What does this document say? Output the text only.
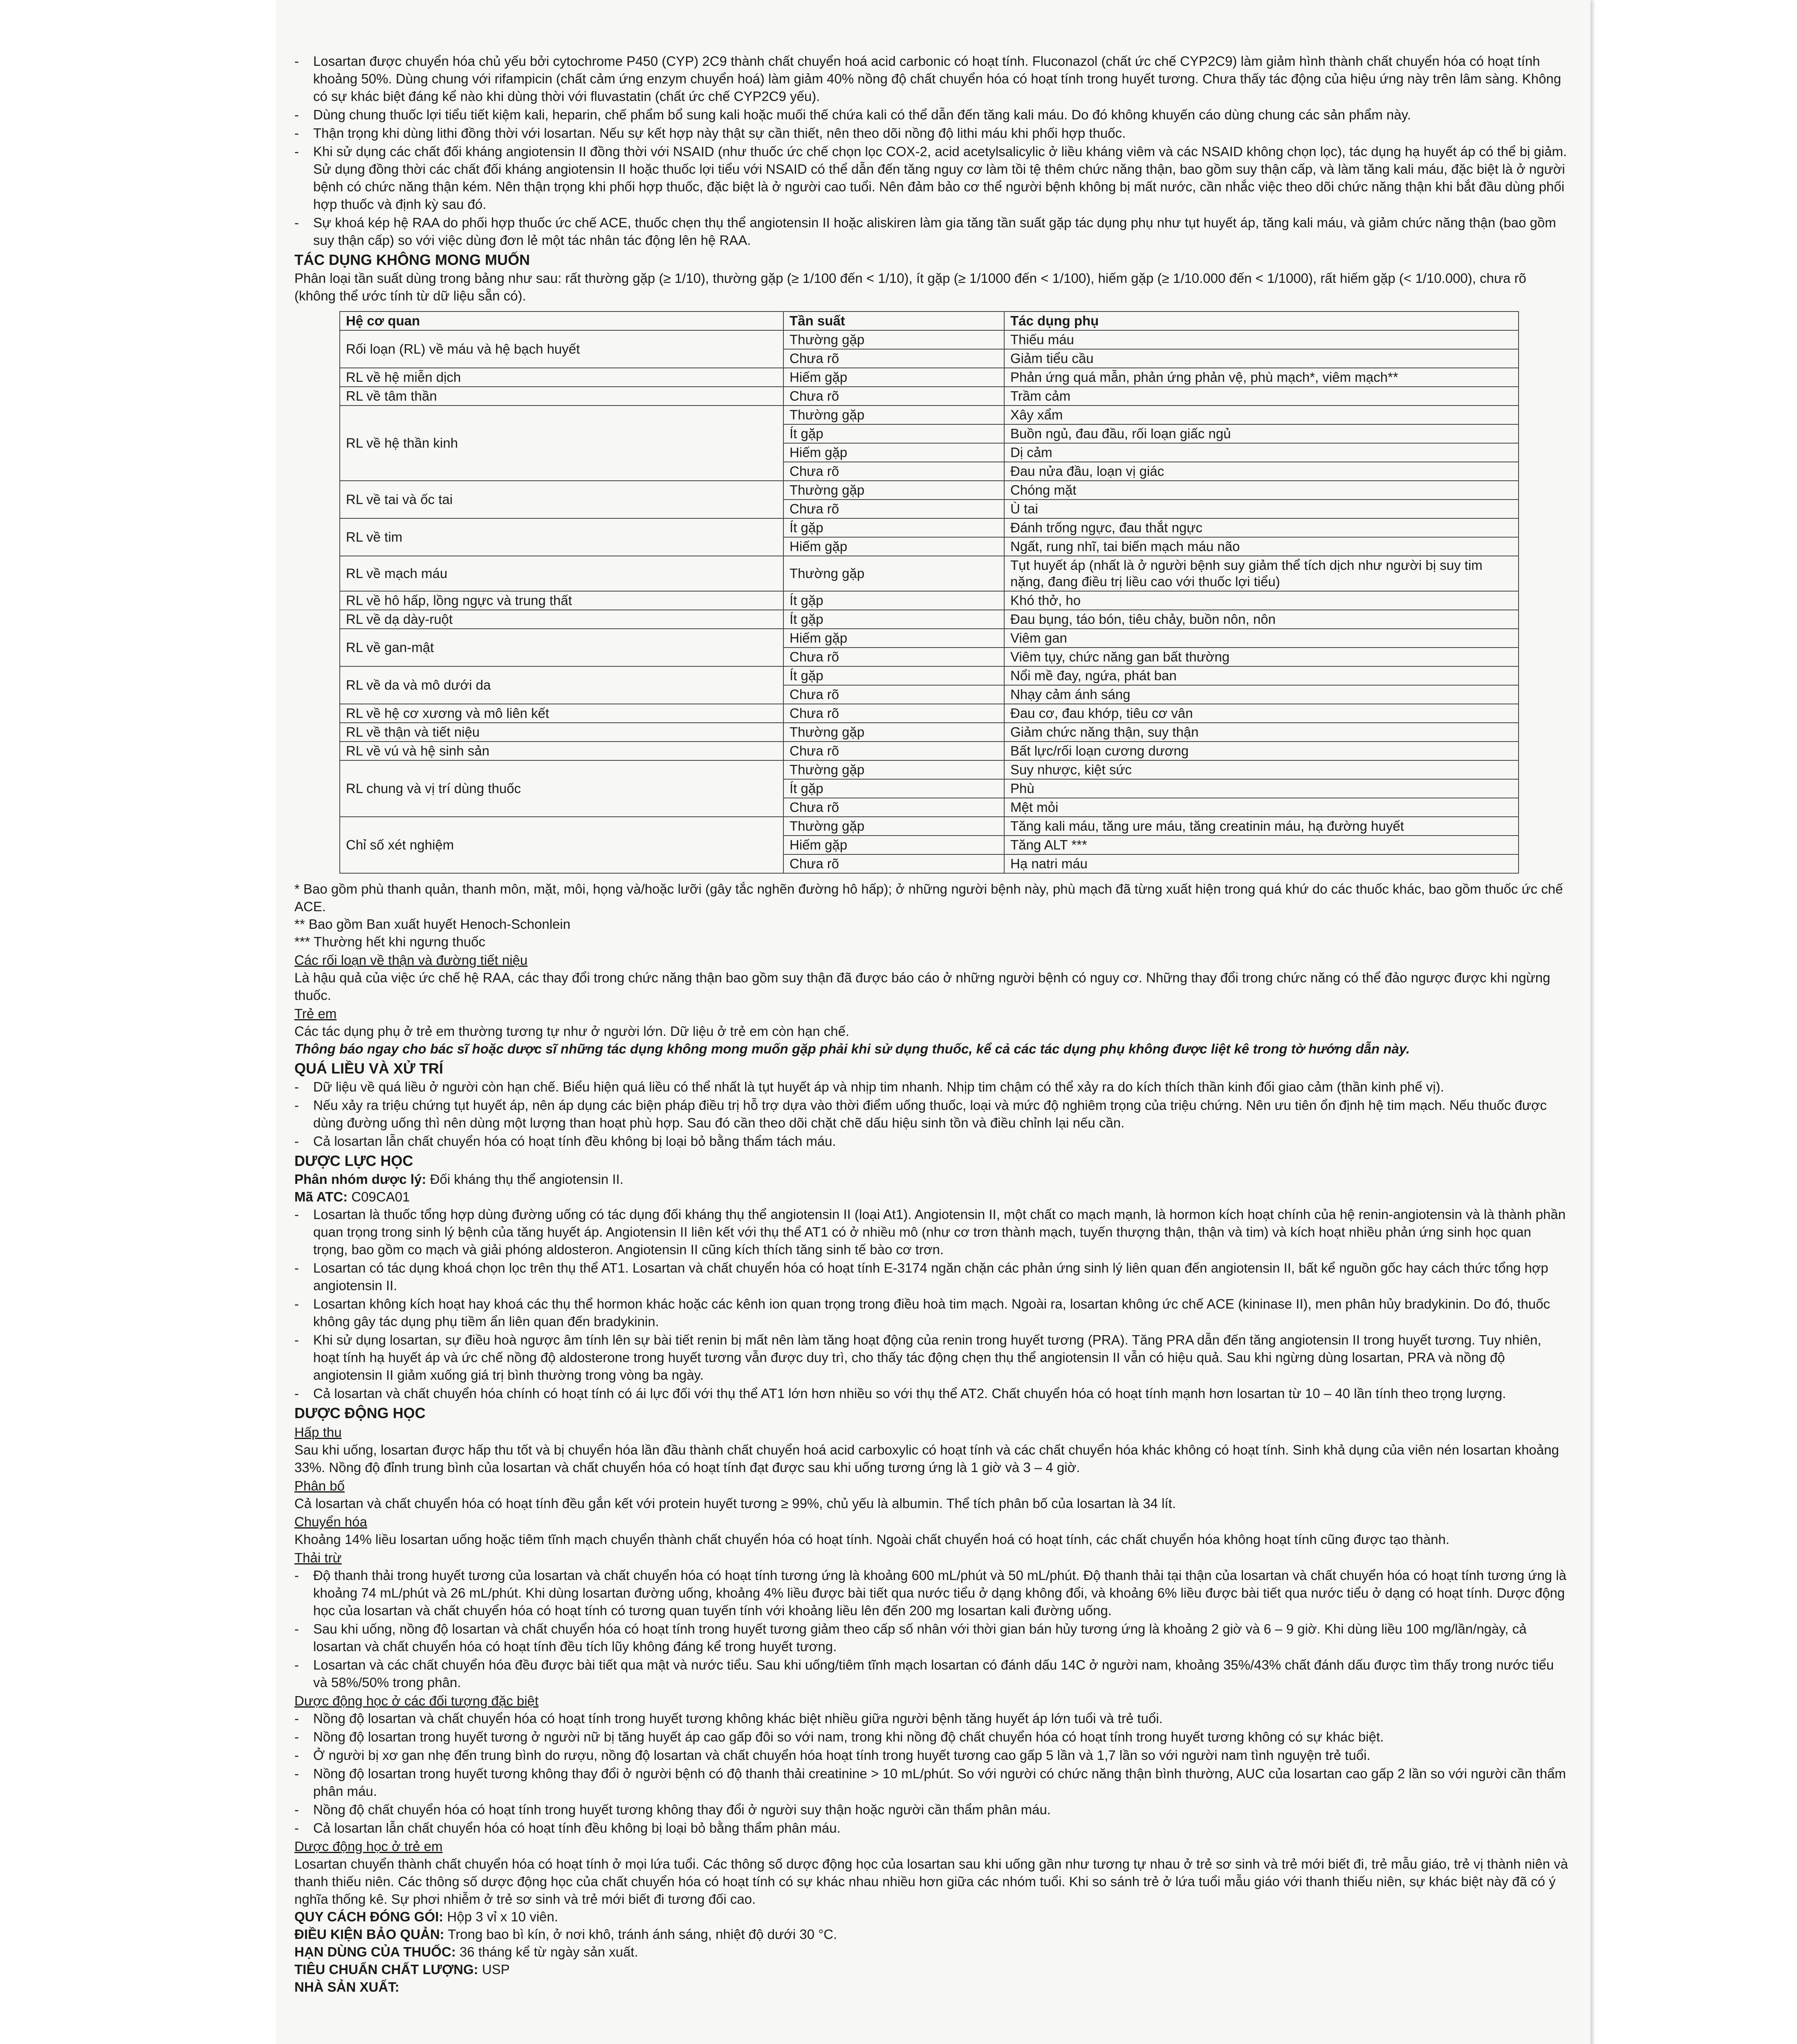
-	Losartan được chuyển hóa chủ yếu bởi cytochrome P450 (CYP) 2C9 thành chất chuyển hoá acid carbonic có hoạt tính. Fluconazol (chất ức chế CYP2C9) làm giảm hình thành chất chuyển hóa có hoạt tính khoảng 50%. Dùng chung với rifampicin (chất cảm ứng enzym chuyển hoá) làm giảm 40% nồng độ chất chuyển hóa có hoạt tính trong huyết tương. Chưa thấy tác động của hiệu ứng này trên lâm sàng. Không có sự khác biệt đáng kể nào khi dùng thời với fluvastatin (chất ức chế CYP2C9 yếu).
-	Dùng chung thuốc lợi tiểu tiết kiệm kali, heparin, chế phẩm bổ sung kali hoặc muối thế chứa kali có thể dẫn đến tăng kali máu. Do đó không khuyến cáo dùng chung các sản phẩm này.
-	Thận trọng khi dùng lithi đồng thời với losartan. Nếu sự kết hợp này thật sự cần thiết, nên theo dõi nồng độ lithi máu khi phối hợp thuốc.
-	Khi sử dụng các chất đối kháng angiotensin II đồng thời với NSAID (như thuốc ức chế chọn lọc COX-2, acid acetylsalicylic ở liều kháng viêm và các NSAID không chọn lọc), tác dụng hạ huyết áp có thể bị giảm. Sử dụng đồng thời các chất đối kháng angiotensin II hoặc thuốc lợi tiểu với NSAID có thể dẫn đến tăng nguy cơ làm tồi tệ thêm chức năng thận, bao gồm suy thận cấp, và làm tăng kali máu, đặc biệt là ở người bệnh có chức năng thận kém. Nên thận trọng khi phối hợp thuốc, đặc biệt là ở người cao tuổi. Nên đảm bảo cơ thể người bệnh không bị mất nước, cần nhắc việc theo dõi chức năng thận khi bắt đầu dùng phối hợp thuốc và định kỳ sau đó.
-	Sự khoá kép hệ RAA do phối hợp thuốc ức chế ACE, thuốc chẹn thụ thể angiotensin II hoặc aliskiren làm gia tăng tần suất gặp tác dụng phụ như tụt huyết áp, tăng kali máu, và giảm chức năng thận (bao gồm suy thận cấp) so với việc dùng đơn lẻ một tác nhân tác động lên hệ RAA.
TÁC DỤNG KHÔNG MONG MUỐN

Phân loại tần suất dùng trong bảng như sau: rất thường gặp (≥ 1/10), thường gặp (≥ 1/100 đến < 1/10), ít gặp (≥ 1/1000 đến < 1/100), hiếm gặp (≥ 1/10.000 đến < 1/1000), rất hiếm gặp (< 1/10.000), chưa rõ (không thể ước tính từ dữ liệu sẵn có).

Hệ cơ quan	Tần suất	Tác dụng phụ
Rối loạn (RL) về máu và hệ bạch huyết	Thường gặp	Thiếu máu
	Chưa rõ	Giảm tiểu cầu
RL về hệ miễn dịch	Hiếm gặp	Phản ứng quá mẫn, phản ứng phản vệ, phù mạch*, viêm mạch**
RL về tâm thần	Chưa rõ	Trầm cảm
RL về hệ thần kinh	Thường gặp	Xây xẩm
	Ít gặp	Buồn ngủ, đau đầu, rối loạn giấc ngủ
	Hiếm gặp	Dị cảm
	Chưa rõ	Đau nửa đầu, loạn vị giác
RL về tai và ốc tai	Thường gặp	Chóng mặt
	Chưa rõ	Ù tai
RL về tim	Ít gặp	Đánh trống ngực, đau thắt ngực
	Hiếm gặp	Ngất, rung nhĩ, tai biến mạch máu não
RL về mạch máu	Thường gặp	Tụt huyết áp (nhất là ở người bệnh suy giảm thể tích dịch như người bị suy tim nặng, đang điều trị liều cao với thuốc lợi tiểu)
RL về hô hấp, lồng ngực và trung thất	Ít gặp	Khó thở, ho
RL về dạ dày-ruột	Ít gặp	Đau bụng, táo bón, tiêu chảy, buồn nôn, nôn
RL về gan-mật	Hiếm gặp	Viêm gan
	Chưa rõ	Viêm tụy, chức năng gan bất thường
RL về da và mô dưới da	Ít gặp	Nổi mề đay, ngứa, phát ban
	Chưa rõ	Nhạy cảm ánh sáng
RL về hệ cơ xương và mô liên kết	Chưa rõ	Đau cơ, đau khớp, tiêu cơ vân
RL về thận và tiết niệu	Thường gặp	Giảm chức năng thận, suy thận
RL về vú và hệ sinh sản	Chưa rõ	Bất lực/rối loạn cương dương
RL chung và vị trí dùng thuốc	Thường gặp	Suy nhược, kiệt sức
	Ít gặp	Phù
	Chưa rõ	Mệt mỏi
Chỉ số xét nghiệm	Thường gặp	Tăng kali máu, tăng ure máu, tăng creatinin máu, hạ đường huyết
	Hiếm gặp	Tăng ALT ***
	Chưa rõ	Hạ natri máu

* Bao gồm phù thanh quản, thanh môn, mặt, môi, họng và/hoặc lưỡi (gây tắc nghẽn đường hô hấp); ở những người bệnh này, phù mạch đã từng xuất hiện trong quá khứ do các thuốc khác, bao gồm thuốc ức chế ACE.

** Bao gồm Ban xuất huyết Henoch-Schonlein

*** Thường hết khi ngưng thuốc

Các rối loạn về thận và đường tiết niệu

Là hậu quả của việc ức chế hệ RAA, các thay đổi trong chức năng thận bao gồm suy thận đã được báo cáo ở những người bệnh có nguy cơ. Những thay đổi trong chức năng có thể đảo ngược được khi ngừng thuốc.

Trẻ em

Các tác dụng phụ ở trẻ em thường tương tự như ở người lớn. Dữ liệu ở trẻ em còn hạn chế.

Thông báo ngay cho bác sĩ hoặc dược sĩ những tác dụng không mong muốn gặp phải khi sử dụng thuốc, kể cả các tác dụng phụ không được liệt kê trong tờ hướng dẫn này.

QUÁ LIỀU VÀ XỬ TRÍ
-	Dữ liệu về quá liều ở người còn hạn chế. Biểu hiện quá liều có thể nhất là tụt huyết áp và nhịp tim nhanh. Nhịp tim chậm có thể xảy ra do kích thích thần kinh đối giao cảm (thần kinh phế vị).
-	Nếu xảy ra triệu chứng tụt huyết áp, nên áp dụng các biện pháp điều trị hỗ trợ dựa vào thời điểm uống thuốc, loại và mức độ nghiêm trọng của triệu chứng. Nên ưu tiên ổn định hệ tim mạch. Nếu thuốc được dùng đường uống thì nên dùng một lượng than hoạt phù hợp. Sau đó cần theo dõi chặt chẽ dấu hiệu sinh tồn và điều chỉnh lại nếu cần.
-	Cả losartan lẫn chất chuyển hóa có hoạt tính đều không bị loại bỏ bằng thẩm tách máu.
DƯỢC LỰC HỌC

Phân nhóm dược lý: Đối kháng thụ thể angiotensin II.

Mã ATC: C09CA01

-	Losartan là thuốc tổng hợp dùng đường uống có tác dụng đối kháng thụ thể angiotensin II (loại At1). Angiotensin II, một chất co mạch mạnh, là hormon kích hoạt chính của hệ renin-angiotensin và là thành phần quan trọng trong sinh lý bệnh của tăng huyết áp. Angiotensin II liên kết với thụ thể AT1 có ở nhiều mô (như cơ trơn thành mạch, tuyến thượng thận, thận và tim) và kích hoạt nhiều phản ứng sinh học quan trọng, bao gồm co mạch và giải phóng aldosteron. Angiotensin II cũng kích thích tăng sinh tế bào cơ trơn.
-	Losartan có tác dụng khoá chọn lọc trên thụ thể AT1. Losartan và chất chuyển hóa có hoạt tính E-3174 ngăn chặn các phản ứng sinh lý liên quan đến angiotensin II, bất kể nguồn gốc hay cách thức tổng hợp angiotensin II.
-	Losartan không kích hoạt hay khoá các thụ thể hormon khác hoặc các kênh ion quan trọng trong điều hoà tim mạch. Ngoài ra, losartan không ức chế ACE (kininase II), men phân hủy bradykinin. Do đó, thuốc không gây tác dụng phụ tiềm ẩn liên quan đến bradykinin.
-	Khi sử dụng losartan, sự điều hoà ngược âm tính lên sự bài tiết renin bị mất nên làm tăng hoạt động của renin trong huyết tương (PRA). Tăng PRA dẫn đến tăng angiotensin II trong huyết tương. Tuy nhiên, hoạt tính hạ huyết áp và ức chế nồng độ aldosterone trong huyết tương vẫn được duy trì, cho thấy tác động chẹn thụ thể angiotensin II vẫn có hiệu quả. Sau khi ngừng dùng losartan, PRA và nồng độ angiotensin II giảm xuống giá trị bình thường trong vòng ba ngày.
-	Cả losartan và chất chuyển hóa chính có hoạt tính có ái lực đối với thụ thể AT1 lớn hơn nhiều so với thụ thể AT2. Chất chuyển hóa có hoạt tính mạnh hơn losartan từ 10 – 40 lần tính theo trọng lượng.
DƯỢC ĐỘNG HỌC
Hấp thu

Sau khi uống, losartan được hấp thu tốt và bị chuyển hóa lần đầu thành chất chuyển hoá acid carboxylic có hoạt tính và các chất chuyển hóa khác không có hoạt tính. Sinh khả dụng của viên nén losartan khoảng 33%. Nồng độ đỉnh trung bình của losartan và chất chuyển hóa có hoạt tính đạt được sau khi uống tương ứng là 1 giờ và 3 – 4 giờ.

Phân bố

Cả losartan và chất chuyển hóa có hoạt tính đều gắn kết với protein huyết tương ≥ 99%, chủ yếu là albumin. Thể tích phân bố của losartan là 34 lít.

Chuyển hóa

Khoảng 14% liều losartan uống hoặc tiêm tĩnh mạch chuyển thành chất chuyển hóa có hoạt tính. Ngoài chất chuyển hoá có hoạt tính, các chất chuyển hóa không hoạt tính cũng được tạo thành.

Thải trừ
-	Độ thanh thải trong huyết tương của losartan và chất chuyển hóa có hoạt tính tương ứng là khoảng 600 mL/phút và 50 mL/phút. Độ thanh thải tại thận của losartan và chất chuyển hóa có hoạt tính tương ứng là khoảng 74 mL/phút và 26 mL/phút. Khi dùng losartan đường uống, khoảng 4% liều được bài tiết qua nước tiểu ở dạng không đổi, và khoảng 6% liều được bài tiết qua nước tiểu ở dạng có hoạt tính. Dược động học của losartan và chất chuyển hóa có hoạt tính có tương quan tuyến tính với khoảng liều lên đến 200 mg losartan kali đường uống.
-	Sau khi uống, nồng độ losartan và chất chuyển hóa có hoạt tính trong huyết tương giảm theo cấp số nhân với thời gian bán hủy tương ứng là khoảng 2 giờ và 6 – 9 giờ. Khi dùng liều 100 mg/lần/ngày, cả losartan và chất chuyển hóa có hoạt tính đều tích lũy không đáng kể trong huyết tương.
-	Losartan và các chất chuyển hóa đều được bài tiết qua mật và nước tiểu. Sau khi uống/tiêm tĩnh mạch losartan có đánh dấu 14C ở người nam, khoảng 35%/43% chất đánh dấu được tìm thấy trong nước tiểu và 58%/50% trong phân.
Dược động học ở các đối tượng đặc biệt
-	Nồng độ losartan và chất chuyển hóa có hoạt tính trong huyết tương không khác biệt nhiều giữa người bệnh tăng huyết áp lớn tuổi và trẻ tuổi.
-	Nồng độ losartan trong huyết tương ở người nữ bị tăng huyết áp cao gấp đôi so với nam, trong khi nồng độ chất chuyển hóa có hoạt tính trong huyết tương không có sự khác biệt.
-	Ở người bị xơ gan nhẹ đến trung bình do rượu, nồng độ losartan và chất chuyển hóa hoạt tính trong huyết tương cao gấp 5 lần và 1,7 lần so với người nam tình nguyện trẻ tuổi.
-	Nồng độ losartan trong huyết tương không thay đổi ở người bệnh có độ thanh thải creatinine > 10 mL/phút. So với người có chức năng thận bình thường, AUC của losartan cao gấp 2 lần so với người cần thẩm phân máu.
-	Nồng độ chất chuyển hóa có hoạt tính trong huyết tương không thay đổi ở người suy thận hoặc người cần thẩm phân máu.
-	Cả losartan lẫn chất chuyển hóa có hoạt tính đều không bị loại bỏ bằng thẩm phân máu.
Dược động học ở trẻ em

Losartan chuyển thành chất chuyển hóa có hoạt tính ở mọi lứa tuổi. Các thông số dược động học của losartan sau khi uống gần như tương tự nhau ở trẻ sơ sinh và trẻ mới biết đi, trẻ mẫu giáo, trẻ vị thành niên và thanh thiếu niên. Các thông số dược động học của chất chuyển hóa có hoạt tính có sự khác nhau nhiều hơn giữa các nhóm tuổi. Khi so sánh trẻ ở lứa tuổi mẫu giáo với thanh thiếu niên, sự khác biệt này đã có ý nghĩa thống kê. Sự phơi nhiễm ở trẻ sơ sinh và trẻ mới biết đi tương đối cao.

QUY CÁCH ĐÓNG GÓI: Hộp 3 vỉ x 10 viên.

ĐIỀU KIỆN BẢO QUẢN: Trong bao bì kín, ở nơi khô, tránh ánh sáng, nhiệt độ dưới 30 °C.

HẠN DÙNG CỦA THUỐC: 36 tháng kể từ ngày sản xuất.

TIÊU CHUẨN CHẤT LƯỢNG: USP

NHÀ SẢN XUẤT:
